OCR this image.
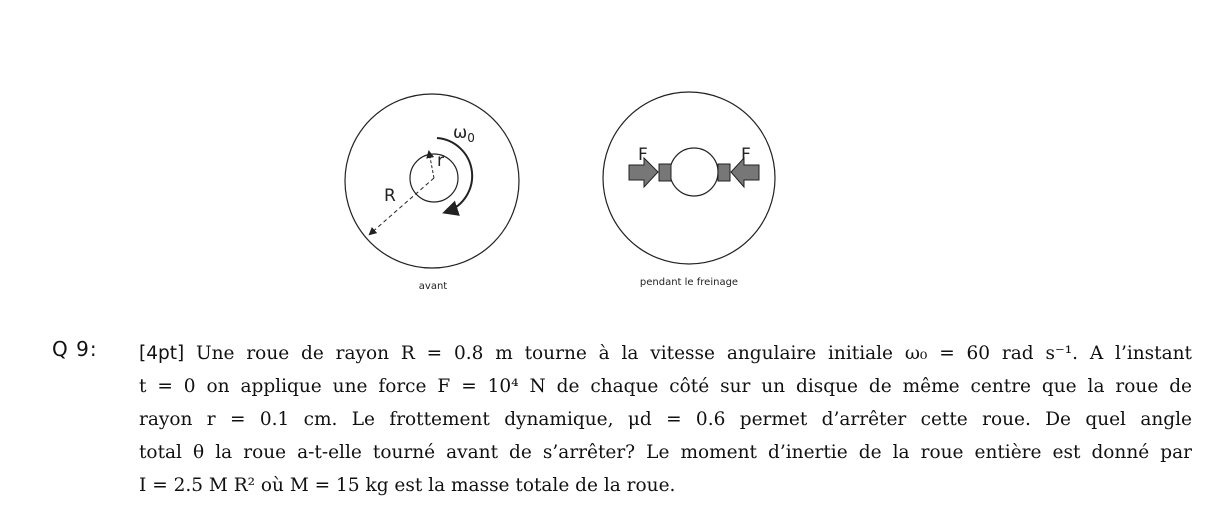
$\omega_0$
r
R
avant
F	F
pendant le freinage
Q 9: [4pt] Une roue de rayon R = 0.8 m tourne à la vitesse angulaire initiale ω₀ = 60 rad s⁻¹. A l’instant
t = 0 on applique une force F = 10⁴ N de chaque côté sur un disque de même centre que la roue de
rayon r = 0.1 cm. Le frottement dynamique, μd = 0.6 permet d’arrêter cette roue. De quel angle
total θ la roue a-t-elle tourné avant de s’arrêter? Le moment d’inertie de la roue entière est donné par
I = 2.5 M R² où M = 15 kg est la masse totale de la roue.
